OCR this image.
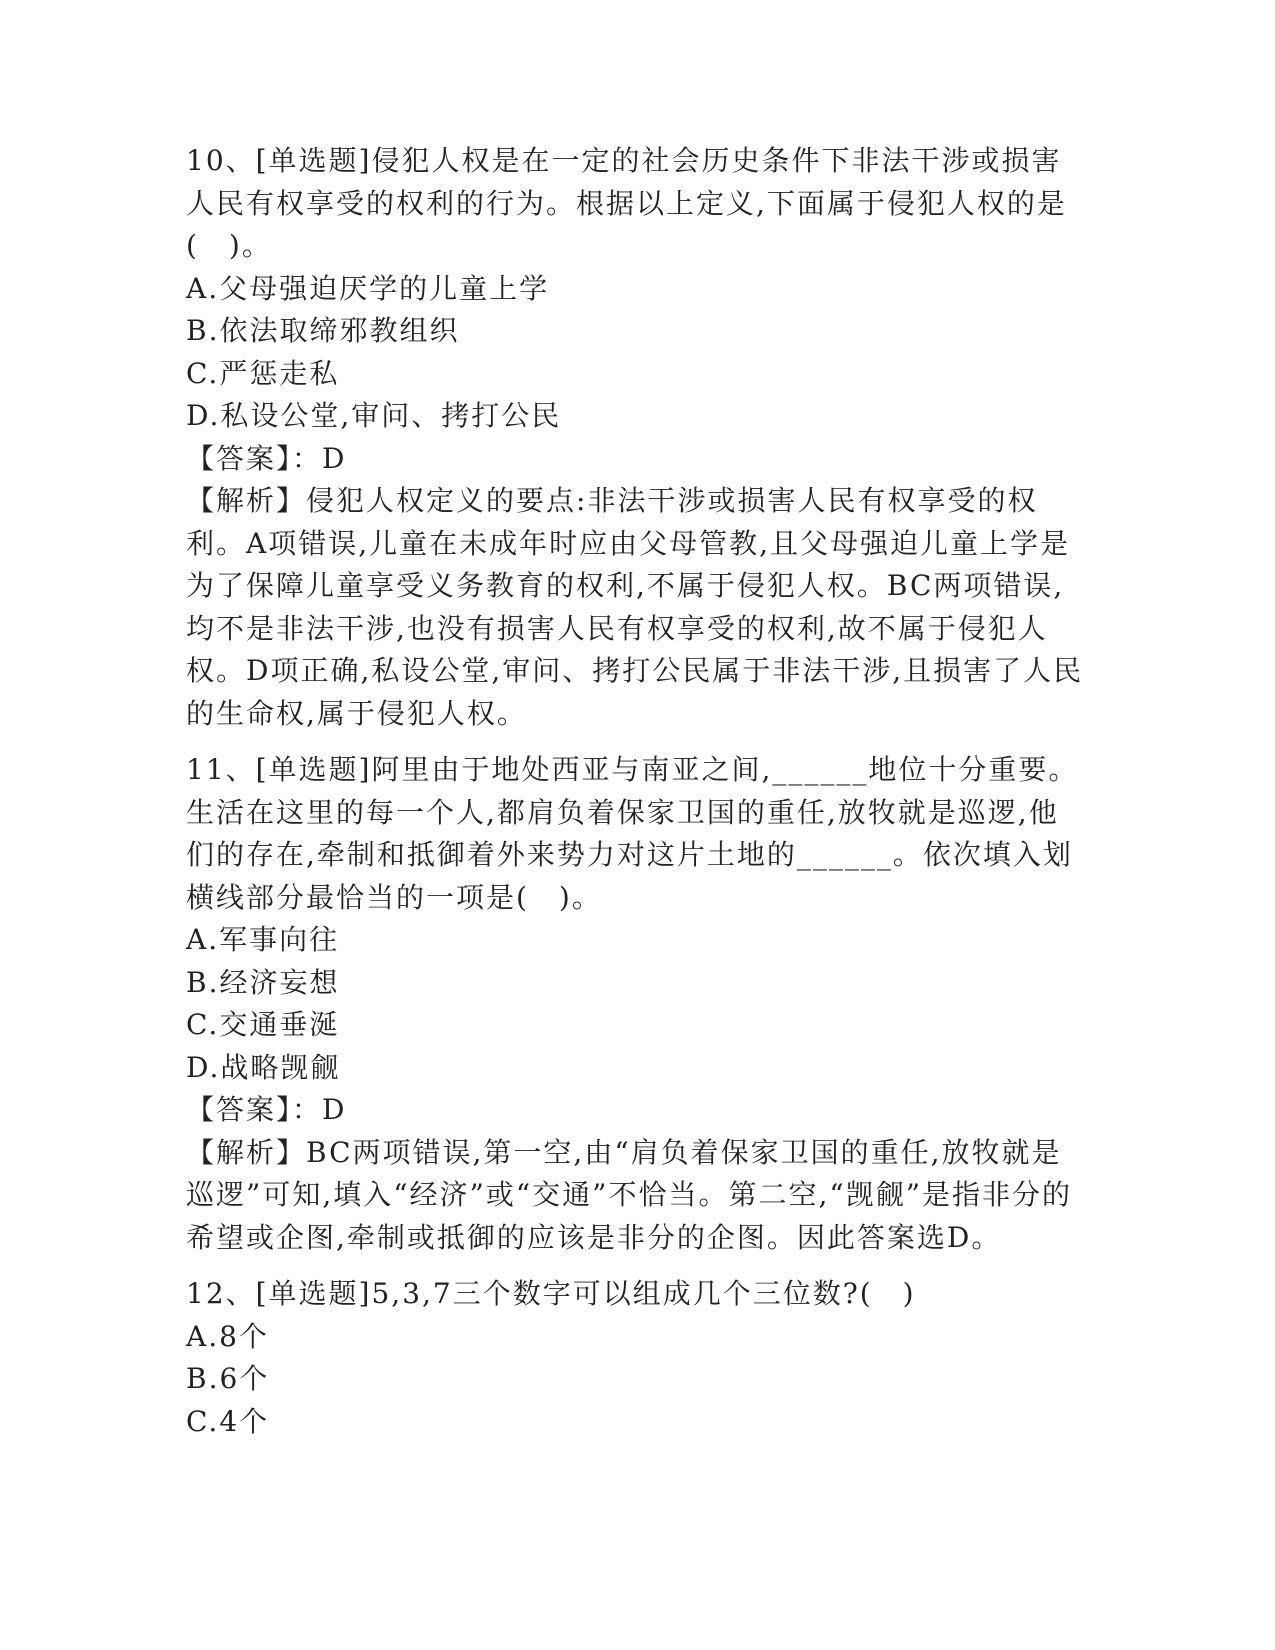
10、[单选题]侵犯人权是在一定的社会历史条件下非法干涉或损害人民有权享受的权利的行为。根据以上定义,下面属于侵犯人权的是(　)。

A.父母强迫厌学的儿童上学

B.依法取缔邪教组织

C.严惩走私

D.私设公堂,审问、拷打公民

【答案】：D

【解析】侵犯人权定义的要点:非法干涉或损害人民有权享受的权利。A项错误,儿童在未成年时应由父母管教,且父母强迫儿童上学是为了保障儿童享受义务教育的权利,不属于侵犯人权。BC两项错误,均不是非法干涉,也没有损害人民有权享受的权利,故不属于侵犯人权。D项正确,私设公堂,审问、拷打公民属于非法干涉,且损害了人民的生命权,属于侵犯人权。

11、[单选题]阿里由于地处西亚与南亚之间,______地位十分重要。生活在这里的每一个人,都肩负着保家卫国的重任,放牧就是巡逻,他们的存在,牵制和抵御着外来势力对这片土地的______。依次填入划横线部分最恰当的一项是(　)。

A.军事向往

B.经济妄想

C.交通垂涎

D.战略觊觎

【答案】：D

【解析】BC两项错误,第一空,由“肩负着保家卫国的重任,放牧就是巡逻”可知,填入“经济”或“交通”不恰当。第二空,“觊觎”是指非分的希望或企图,牵制或抵御的应该是非分的企图。因此答案选D。

12、[单选题]5,3,7三个数字可以组成几个三位数?(　)

A.8个

B.6个

C.4个
